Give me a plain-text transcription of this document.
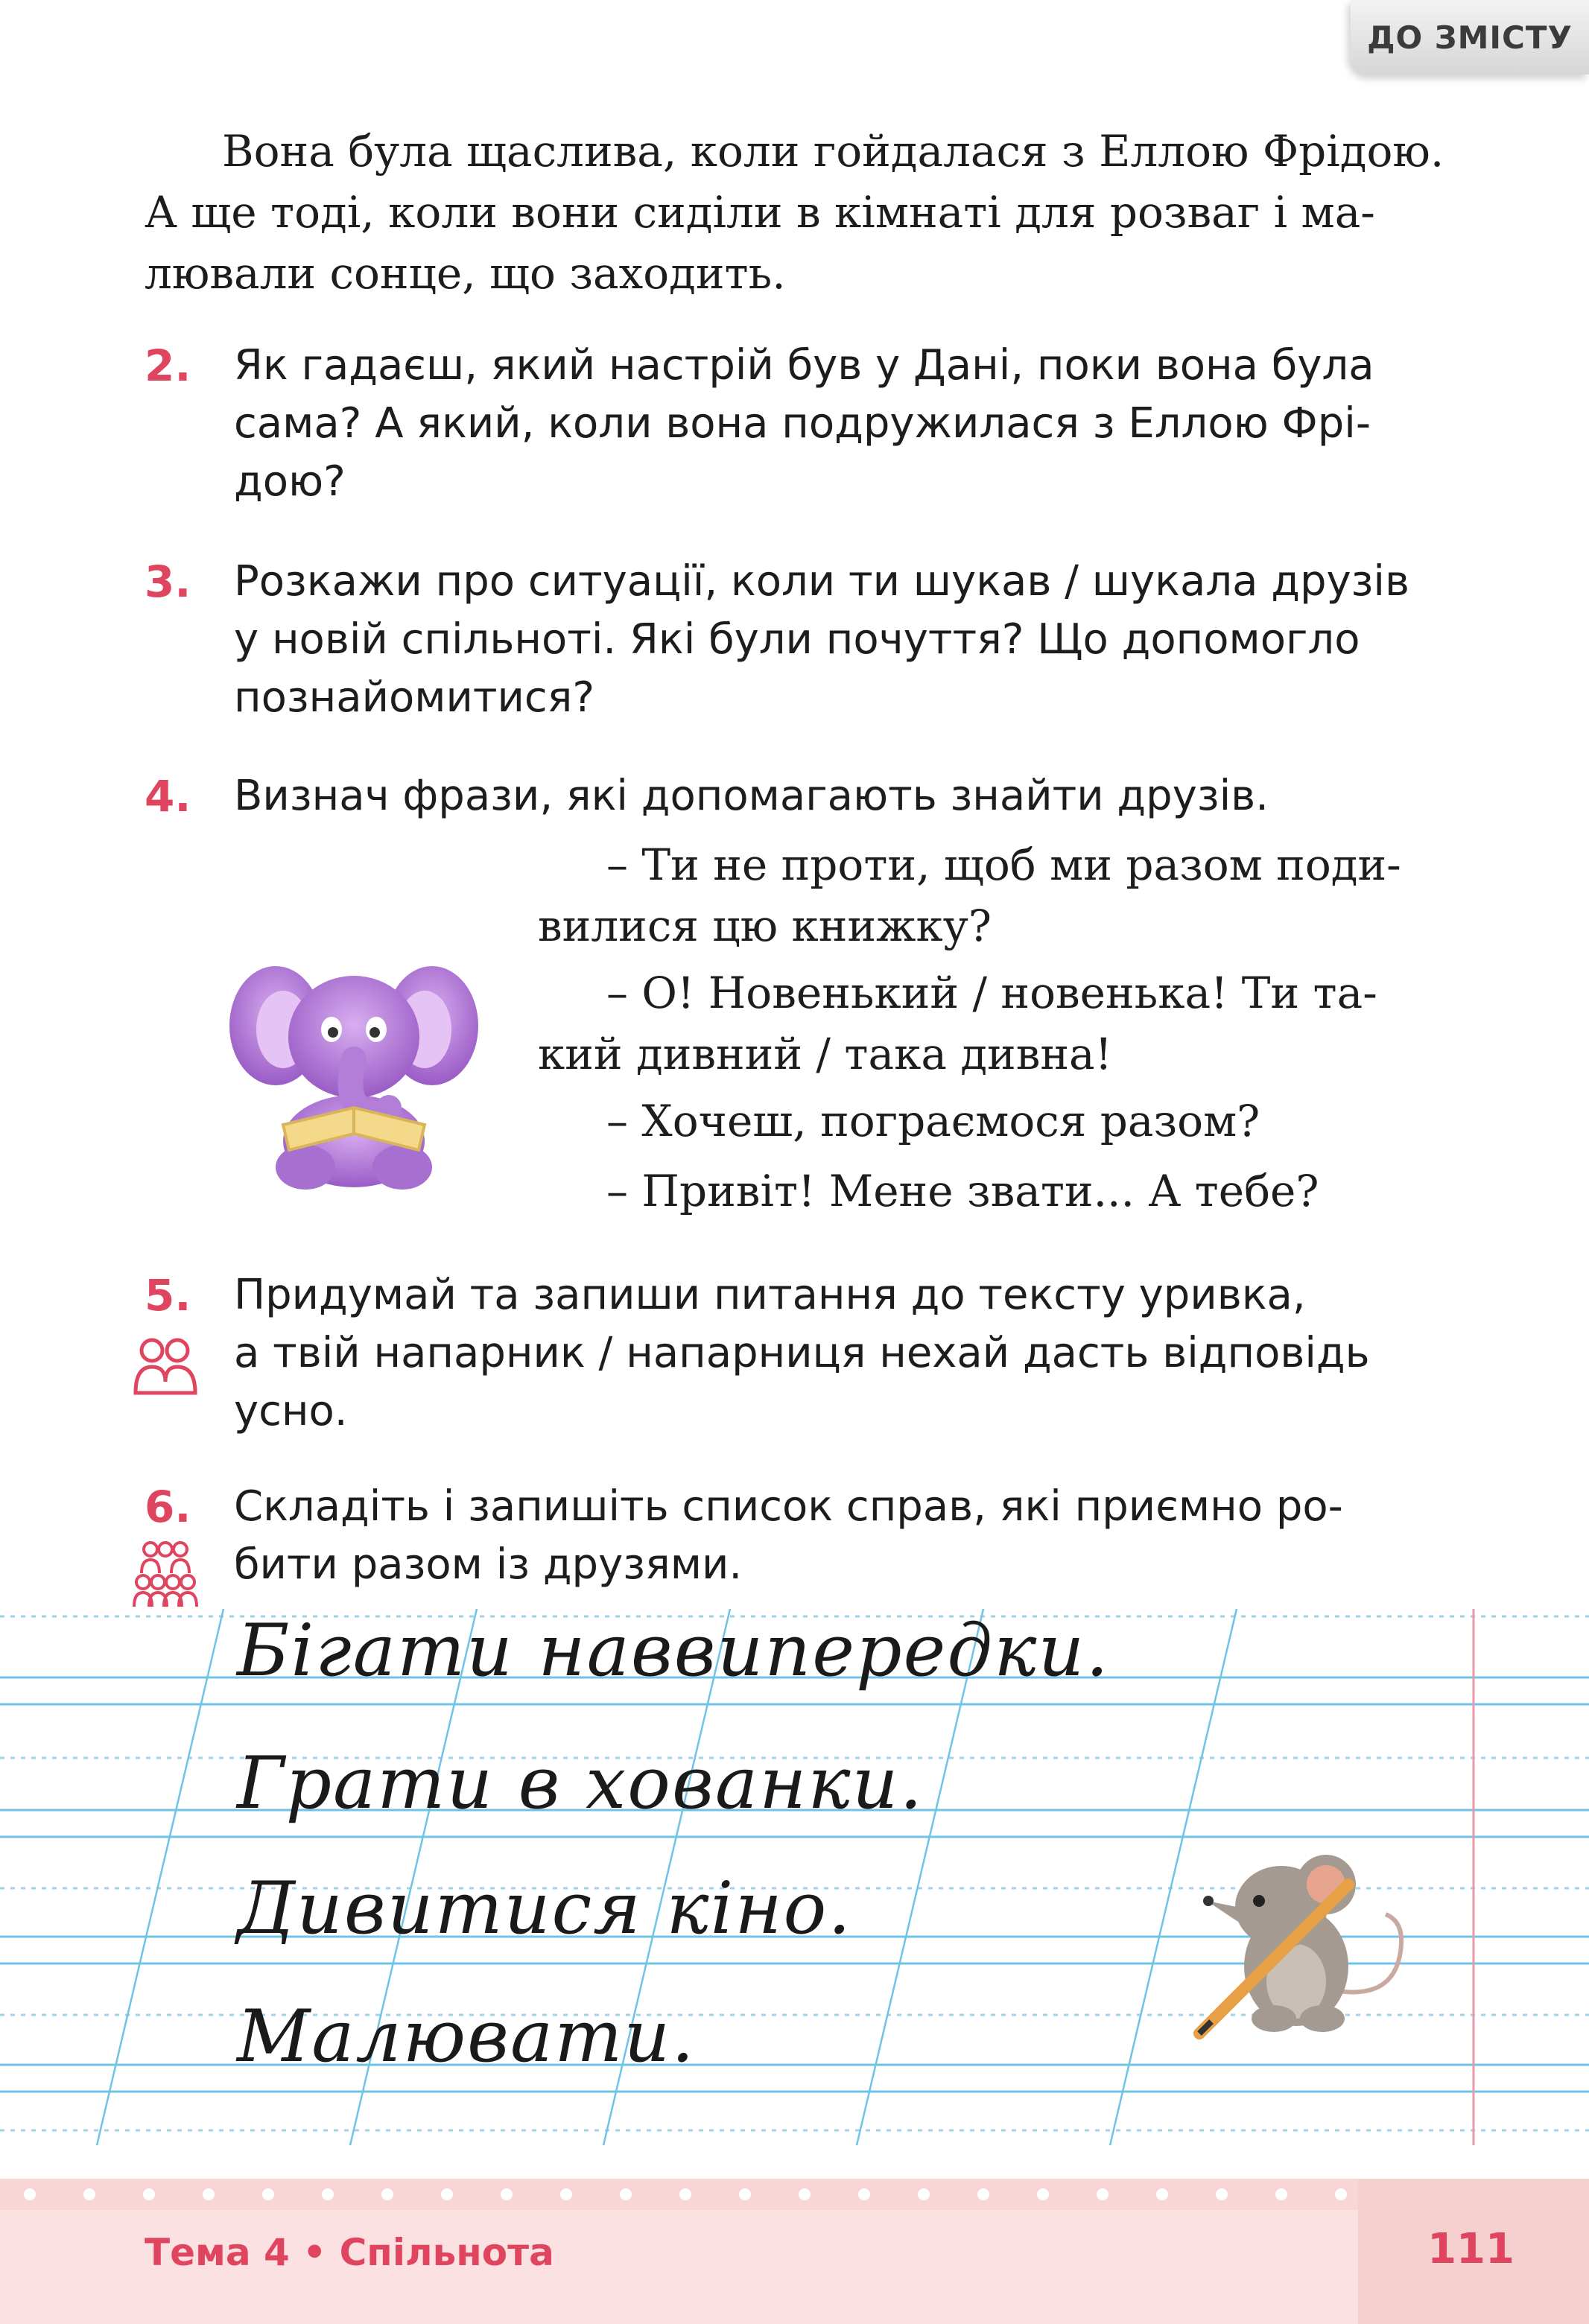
ДО ЗМІСТУ
Вона була щаслива, коли гойдалася з Еллою Фрідою.
А ще тоді, коли вони сиділи в кімнаті для розваг і ма-
лювали сонце, що заходить.
2.	Як гадаєш, який настрій був у Дані, поки вона була
сама? А який, коли вона подружилася з Еллою Фрі-
дою?
3.	Розкажи про ситуації, коли ти шукав / шукала друзів
у новій спільноті. Які були почуття? Що допомогло
познайомитися?
4.	Визнач фрази, які допомагають знайти друзів.
– Ти не проти, щоб ми разом поди-
вилися цю книжку?
– О! Новенький / новенька! Ти та-
кий дивний / така дивна!
– Хочеш, пограємося разом?
– Привіт! Мене звати... А тебе?
5.	Придумай та запиши питання до тексту уривка,
а твій напарник / напарниця нехай дасть відповідь
усно.
6.	Складіть і запишіть список справ, які приємно ро-
бити разом із друзями.
Бігати наввипередки.
Грати в хованки.
Дивитися кіно.
Малювати.
Тема 4 • Спільнота	111
